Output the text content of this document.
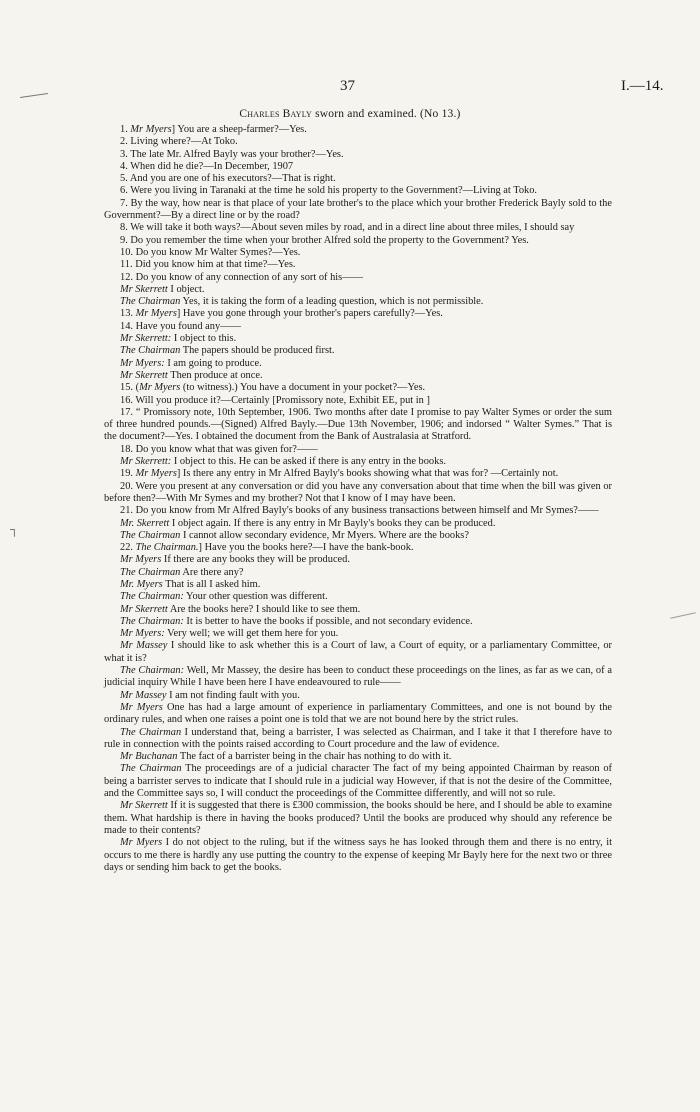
┐
37	I.—14.
Charles Bayly sworn and examined. (No 13.)

1. Mr Myers] You are a sheep-farmer?—Yes.

2. Living where?—At Toko.

3. The late Mr. Alfred Bayly was your brother?—Yes.

4. When did he die?—In December, 1907

5. And you are one of his executors?—That is right.

6. Were you living in Taranaki at the time he sold his property to the Government?—Living at Toko.

7. By the way, how near is that place of your late brother's to the place which your brother Frederick Bayly sold to the Government?—By a direct line or by the road?

8. We will take it both ways?—About seven miles by road, and in a direct line about three miles, I should say

9. Do you remember the time when your brother Alfred sold the property to the Government? Yes.

10. Do you know Mr Walter Symes?—Yes.

11. Did you know him at that time?—Yes.

12. Do you know of any connection of any sort of his——

Mr Skerrett I object.

The Chairman Yes, it is taking the form of a leading question, which is not permissible.

13. Mr Myers] Have you gone through your brother's papers carefully?—Yes.

14. Have you found any——

Mr Skerrett: I object to this.

The Chairman The papers should be produced first.

Mr Myers: I am going to produce.

Mr Skerrett Then produce at once.

15. (Mr Myers (to witness).) You have a document in your pocket?—Yes.

16. Will you produce it?—Certainly [Promissory note, Exhibit EE, put in ]

17. “ Promissory note, 10th September, 1906. Two months after date I promise to pay Walter Symes or order the sum of three hundred pounds.—(Signed) Alfred Bayly.—Due 13th November, 1906; and indorsed “ Walter Symes.” That is the document?—Yes. I obtained the document from the Bank of Australasia at Stratford.

18. Do you know what that was given for?——

Mr Skerrett: I object to this. He can be asked if there is any entry in the books.

19. Mr Myers] Is there any entry in Mr Alfred Bayly's books showing what that was for? —Certainly not.

20. Were you present at any conversation or did you have any conversation about that time when the bill was given or before then?—With Mr Symes and my brother? Not that I know of I may have been.

21. Do you know from Mr Alfred Bayly's books of any business transactions between himself and Mr Symes?——

Mr. Skerrett I object again. If there is any entry in Mr Bayly's books they can be produced.

The Chairman I cannot allow secondary evidence, Mr Myers. Where are the books?

22. The Chairman.] Have you the books here?—I have the bank-book.

Mr Myers If there are any books they will be produced.

The Chairman Are there any?

Mr. Myers That is all I asked him.

The Chairman: Your other question was different.

Mr Skerrett Are the books here? I should like to see them.

The Chairman: It is better to have the books if possible, and not secondary evidence.

Mr Myers: Very well; we will get them here for you.

Mr Massey I should like to ask whether this is a Court of law, a Court of equity, or a parliamentary Committee, or what it is?

The Chairman: Well, Mr Massey, the desire has been to conduct these proceedings on the lines, as far as we can, of a judicial inquiry While I have been here I have endeavoured to rule——

Mr Massey I am not finding fault with you.

Mr Myers One has had a large amount of experience in parliamentary Committees, and one is not bound by the ordinary rules, and when one raises a point one is told that we are not bound here by the strict rules.

The Chairman I understand that, being a barrister, I was selected as Chairman, and I take it that I therefore have to rule in connection with the points raised according to Court procedure and the law of evidence.

Mr Buchanan The fact of a barrister being in the chair has nothing to do with it.

The Chairman The proceedings are of a judicial character The fact of my being appointed Chairman by reason of being a barrister serves to indicate that I should rule in a judicial way However, if that is not the desire of the Committee, and the Committee says so, I will conduct the proceedings of the Committee differently, and will not so rule.

Mr Skerrett If it is suggested that there is £300 commission, the books should be here, and I should be able to examine them. What hardship is there in having the books produced? Until the books are produced why should any reference be made to their contents?

Mr Myers I do not object to the ruling, but if the witness says he has looked through them and there is no entry, it occurs to me there is hardly any use putting the country to the expense of keeping Mr Bayly here for the next two or three days or sending him back to get the books.
